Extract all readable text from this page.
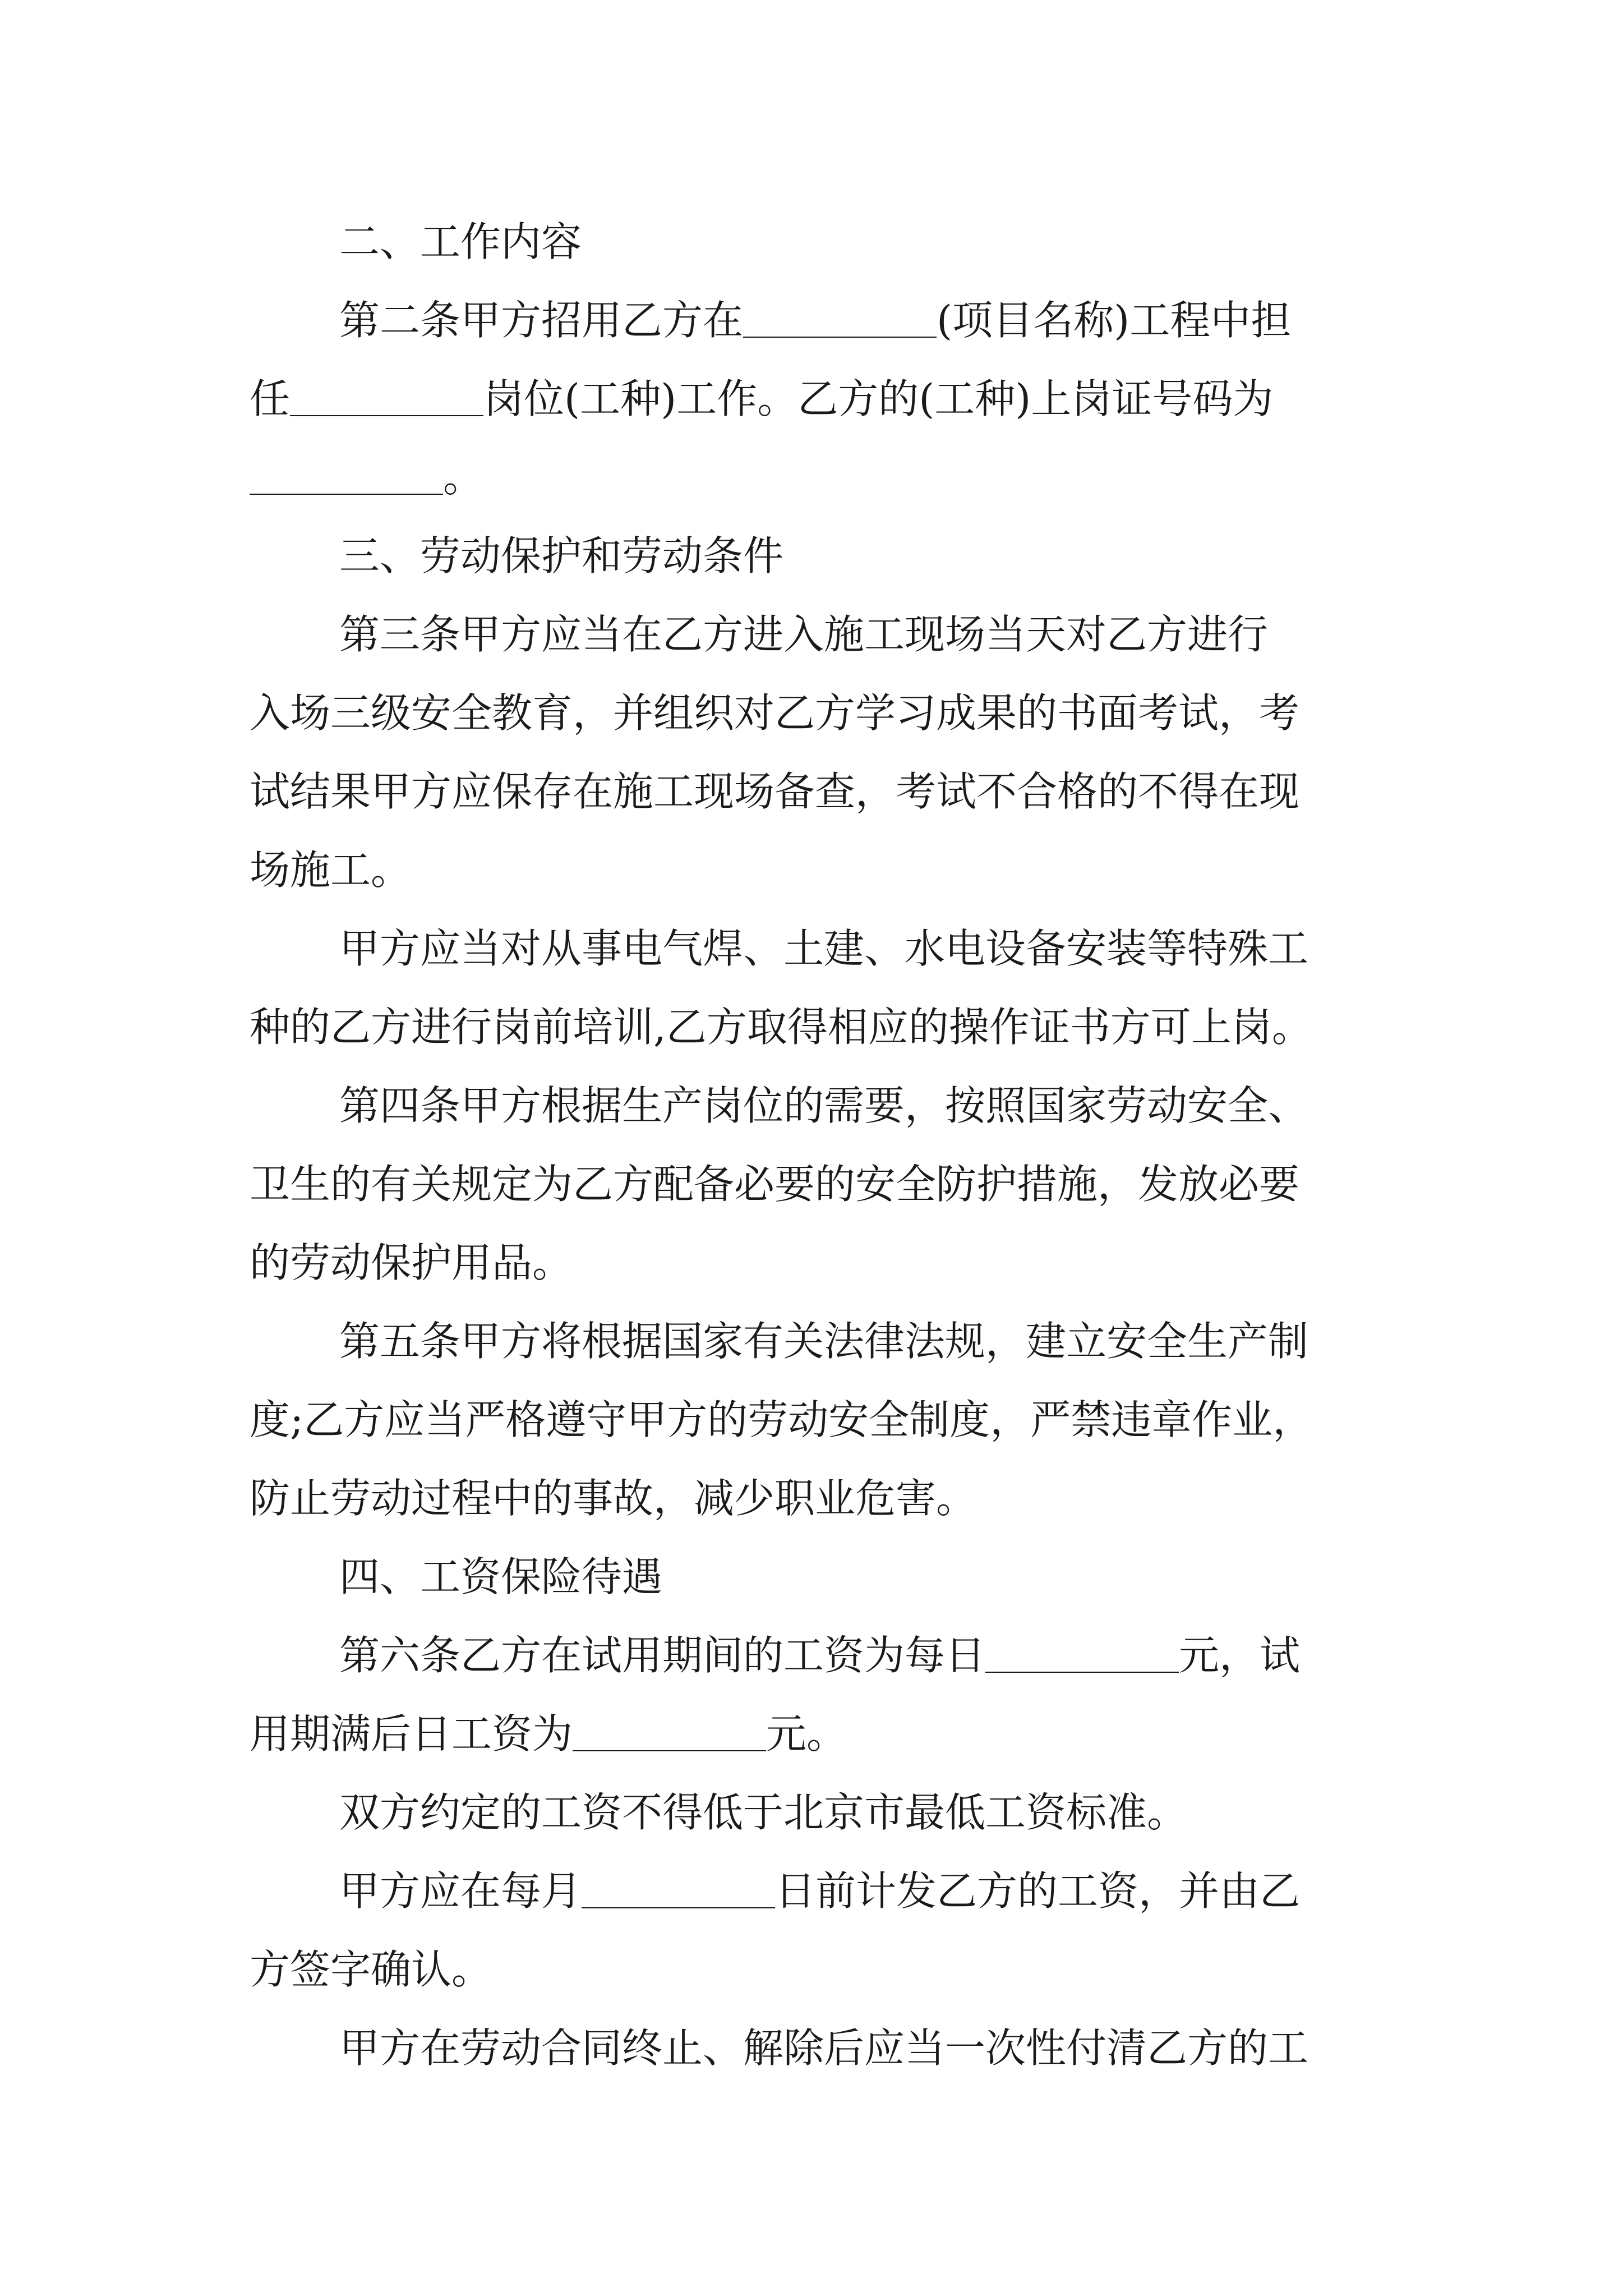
二、工作内容

第二条甲方招用乙方在	(项目名称)工程中担

任	岗位(工种)工作。乙方的(工种)上岗证号码为

。

三、劳动保护和劳动条件

第三条甲方应当在乙方进入施工现场当天对乙方进行

入场三级安全教育，并组织对乙方学习成果的书面考试，考

试结果甲方应保存在施工现场备查，考试不合格的不得在现

场施工。

甲方应当对从事电气焊、土建、水电设备安装等特殊工

种的乙方进行岗前培训,乙方取得相应的操作证书方可上岗。

第四条甲方根据生产岗位的需要，按照国家劳动安全、

卫生的有关规定为乙方配备必要的安全防护措施，发放必要

的劳动保护用品。

第五条甲方将根据国家有关法律法规，建立安全生产制

度;乙方应当严格遵守甲方的劳动安全制度，严禁违章作业，

防止劳动过程中的事故，减少职业危害。

四、工资保险待遇

第六条乙方在试用期间的工资为每日	元，试

用期满后日工资为	元。

双方约定的工资不得低于北京市最低工资标准。

甲方应在每月	日前计发乙方的工资，并由乙

方签字确认。

甲方在劳动合同终止、解除后应当一次性付清乙方的工
